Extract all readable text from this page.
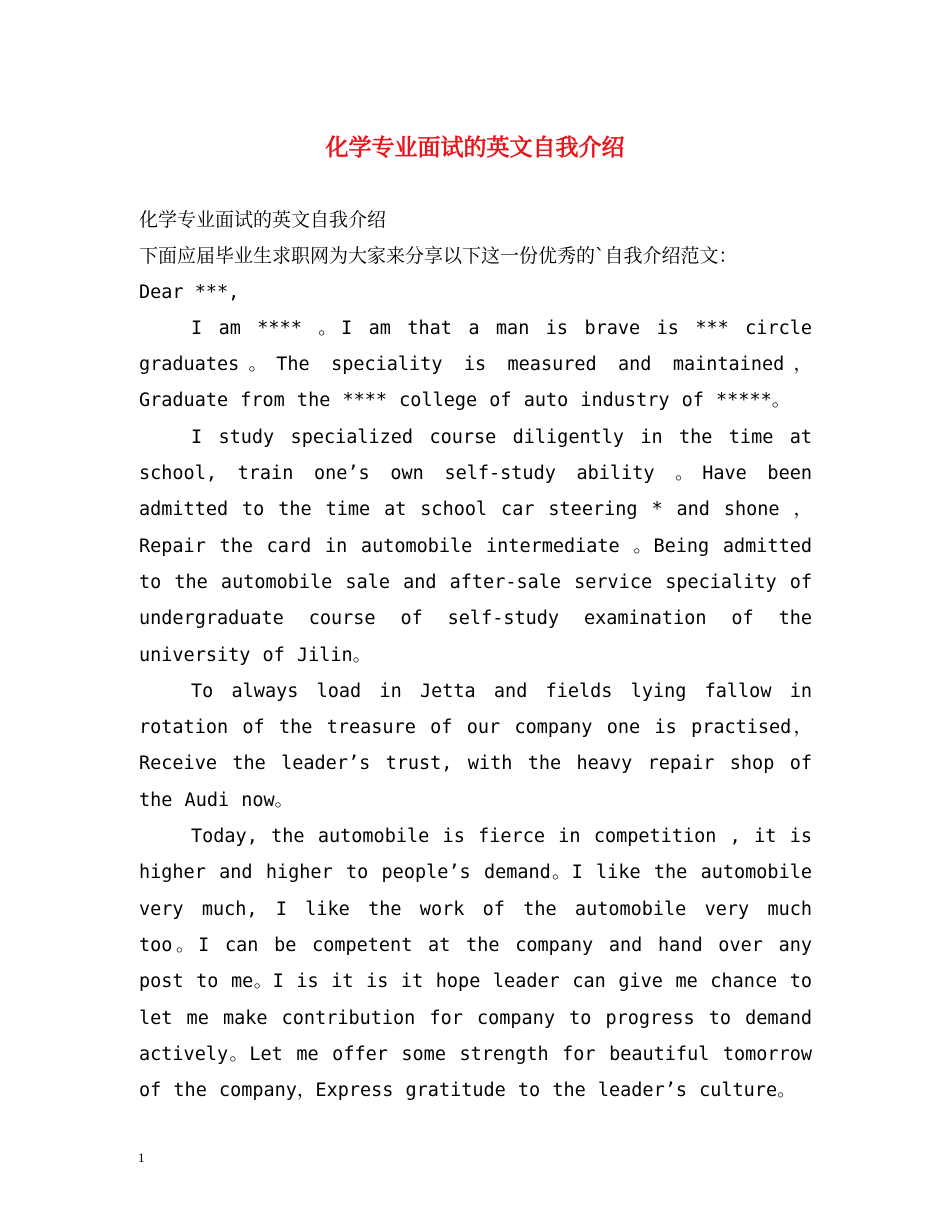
化学专业面试的英文自我介绍
化学专业面试的英文自我介绍
下面应届毕业生求职网为大家来分享以下这一份优秀的`自我介绍范文：
Dear ***,
I am **** 。I am that a man is brave is *** circle graduates。The speciality is measured and maintained，Graduate from the **** college of auto industry of *****。
I study specialized course diligently in the time at school, train one’s own self-study ability 。Have been admitted to the time at school car steering * and shone ，Repair the card in automobile intermediate 。Being admitted to the automobile sale and after-sale service speciality of undergraduate course of self-study examination of the university of Jilin。
To always load in Jetta and fields lying fallow in rotation of the treasure of our company one is practised，Receive the leader’s trust, with the heavy repair shop of the Audi now。
Today, the automobile is fierce in competition , it is higher and higher to people’s demand。I like the automobile very much, I like the work of the automobile very much too。I can be competent at the company and hand over any post to me。I is it is it hope leader can give me chance to let me make contribution for company to progress to demand actively。Let me offer some strength for beautiful tomorrow of the company，Express gratitude to the leader’s culture。
1
